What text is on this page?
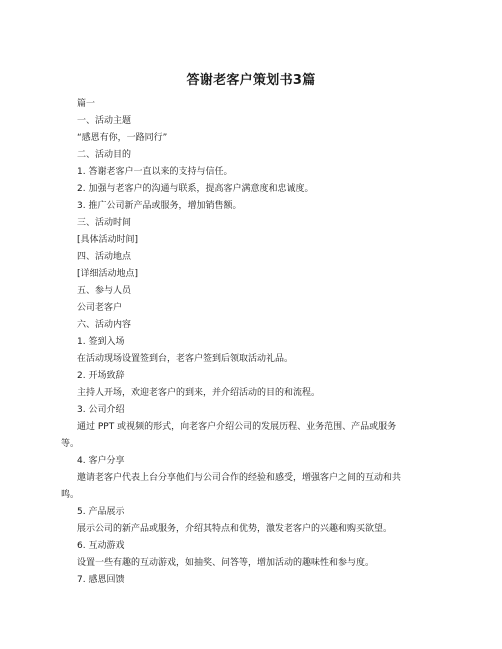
答谢老客户策划书3篇
篇一
一、活动主题
“感恩有你，一路同行”
二、活动目的
1. 答谢老客户一直以来的支持与信任。
2. 加强与老客户的沟通与联系，提高客户满意度和忠诚度。
3. 推广公司新产品或服务，增加销售额。
三、活动时间
[具体活动时间]
四、活动地点
[详细活动地点]
五、参与人员
公司老客户
六、活动内容
1. 签到入场
在活动现场设置签到台，老客户签到后领取活动礼品。
2. 开场致辞
主持人开场，欢迎老客户的到来，并介绍活动的目的和流程。
3. 公司介绍
通过 PPT 或视频的形式，向老客户介绍公司的发展历程、业务范围、产品或服务
等。
4. 客户分享
邀请老客户代表上台分享他们与公司合作的经验和感受，增强客户之间的互动和共
鸣。
5. 产品展示
展示公司的新产品或服务，介绍其特点和优势，激发老客户的兴趣和购买欲望。
6. 互动游戏
设置一些有趣的互动游戏，如抽奖、问答等，增加活动的趣味性和参与度。
7. 感恩回馈
